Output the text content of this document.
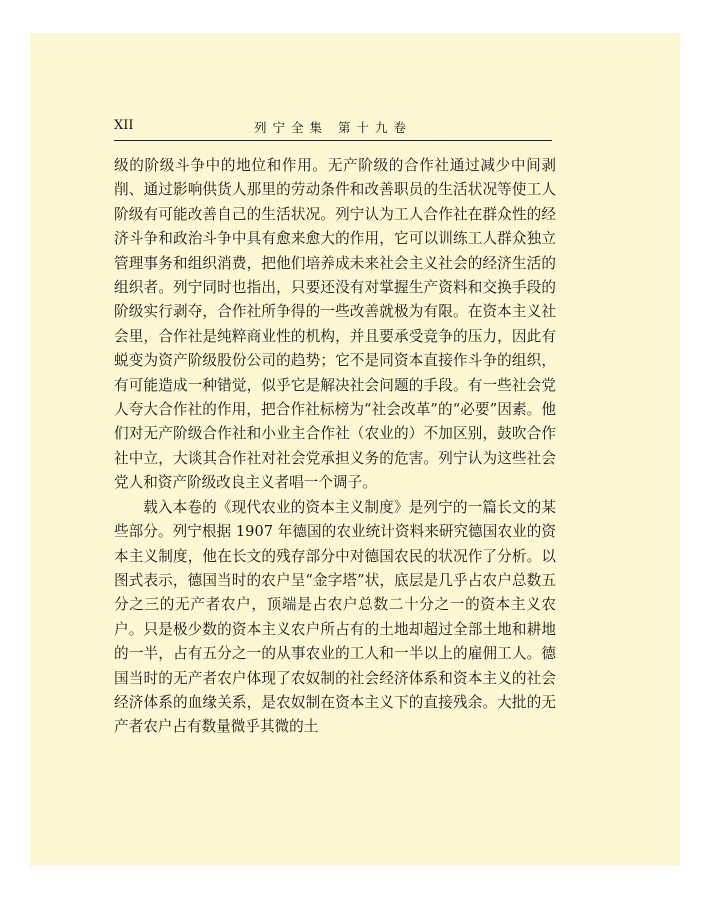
XII	列宁全集 第十九卷

级的阶级斗争中的地位和作用。无产阶级的合作社通过减少中间剥削、通过影响供货人那里的劳动条件和改善职员的生活状况等使工人阶级有可能改善自己的生活状况。列宁认为工人合作社在群众性的经济斗争和政治斗争中具有愈来愈大的作用，它可以训练工人群众独立管理事务和组织消费，把他们培养成未来社会主义社会的经济生活的组织者。列宁同时也指出，只要还没有对掌握生产资料和交换手段的阶级实行剥夺，合作社所争得的一些改善就极为有限。在资本主义社会里，合作社是纯粹商业性的机构，并且要承受竞争的压力，因此有蜕变为资产阶级股份公司的趋势；它不是同资本直接作斗争的组织，有可能造成一种错觉，似乎它是解决社会问题的手段。有一些社会党人夸大合作社的作用，把合作社标榜为“社会改革”的“必要”因素。他们对无产阶级合作社和小业主合作社（农业的）不加区别，鼓吹合作社中立，大谈其合作社对社会党承担义务的危害。列宁认为这些社会党人和资产阶级改良主义者唱一个调子。

载入本卷的《现代农业的资本主义制度》是列宁的一篇长文的某些部分。列宁根据 1907 年德国的农业统计资料来研究德国农业的资本主义制度，他在长文的残存部分中对德国农民的状况作了分析。以图式表示，德国当时的农户呈“金字塔”状，底层是几乎占农户总数五分之三的无产者农户，顶端是占农户总数二十分之一的资本主义农户。只是极少数的资本主义农户所占有的土地却超过全部土地和耕地的一半，占有五分之一的从事农业的工人和一半以上的雇佣工人。德国当时的无产者农户体现了农奴制的社会经济体系和资本主义的社会经济体系的血缘关系，是农奴制在资本主义下的直接残余。大批的无产者农户占有数量微乎其微的土
